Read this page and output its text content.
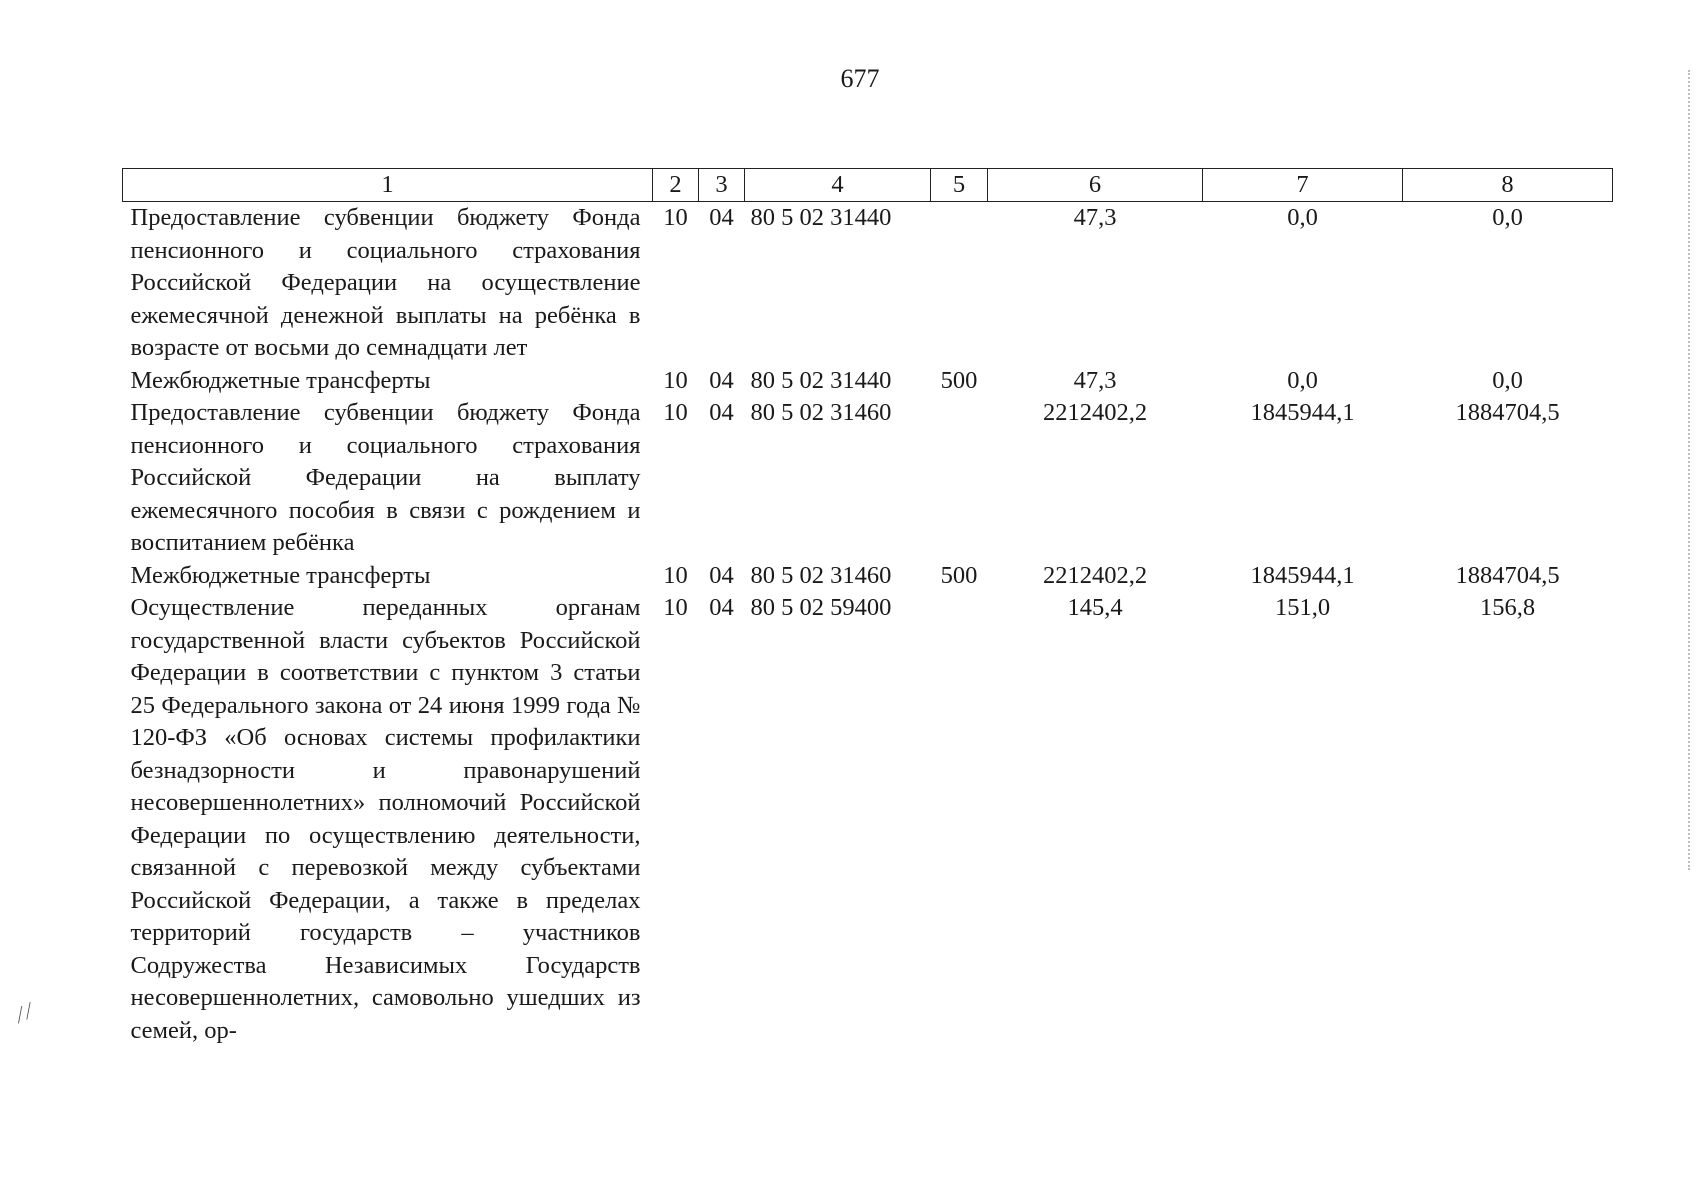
677
⁄ ∕
1	2	3	4	5	6	7	8
Предоставление субвенции бюджету Фонда пенсионного и социального страхования Российской Федерации на осуществление ежемесячной денежной выплаты на ребёнка в возрасте от восьми до семнадцати лет	10	04	80 5 02 31440		47,3	0,0	0,0
Межбюджетные трансферты	10	04	80 5 02 31440	500	47,3	0,0	0,0
Предоставление субвенции бюджету Фонда пенсионного и социального страхования Российской Федерации на выплату ежемесячного пособия в связи с рождением и воспитанием ребёнка	10	04	80 5 02 31460		2212402,2	1845944,1	1884704,5
Межбюджетные трансферты	10	04	80 5 02 31460	500	2212402,2	1845944,1	1884704,5
Осуществление переданных органам государственной власти субъектов Российской Федерации в соответствии с пунктом 3 статьи 25 Федерального закона от 24 июня 1999 года № 120-ФЗ «Об основах системы профилактики безнадзорности и правонарушений несовершеннолетних» полномочий Российской Федерации по осуществлению деятельности, связанной с перевозкой между субъектами Российской Федерации, а также в пределах территорий государств – участников Содружества Независимых Государств несовершеннолетних, самовольно ушедших из семей, ор-	10	04	80 5 02 59400		145,4	151,0	156,8
